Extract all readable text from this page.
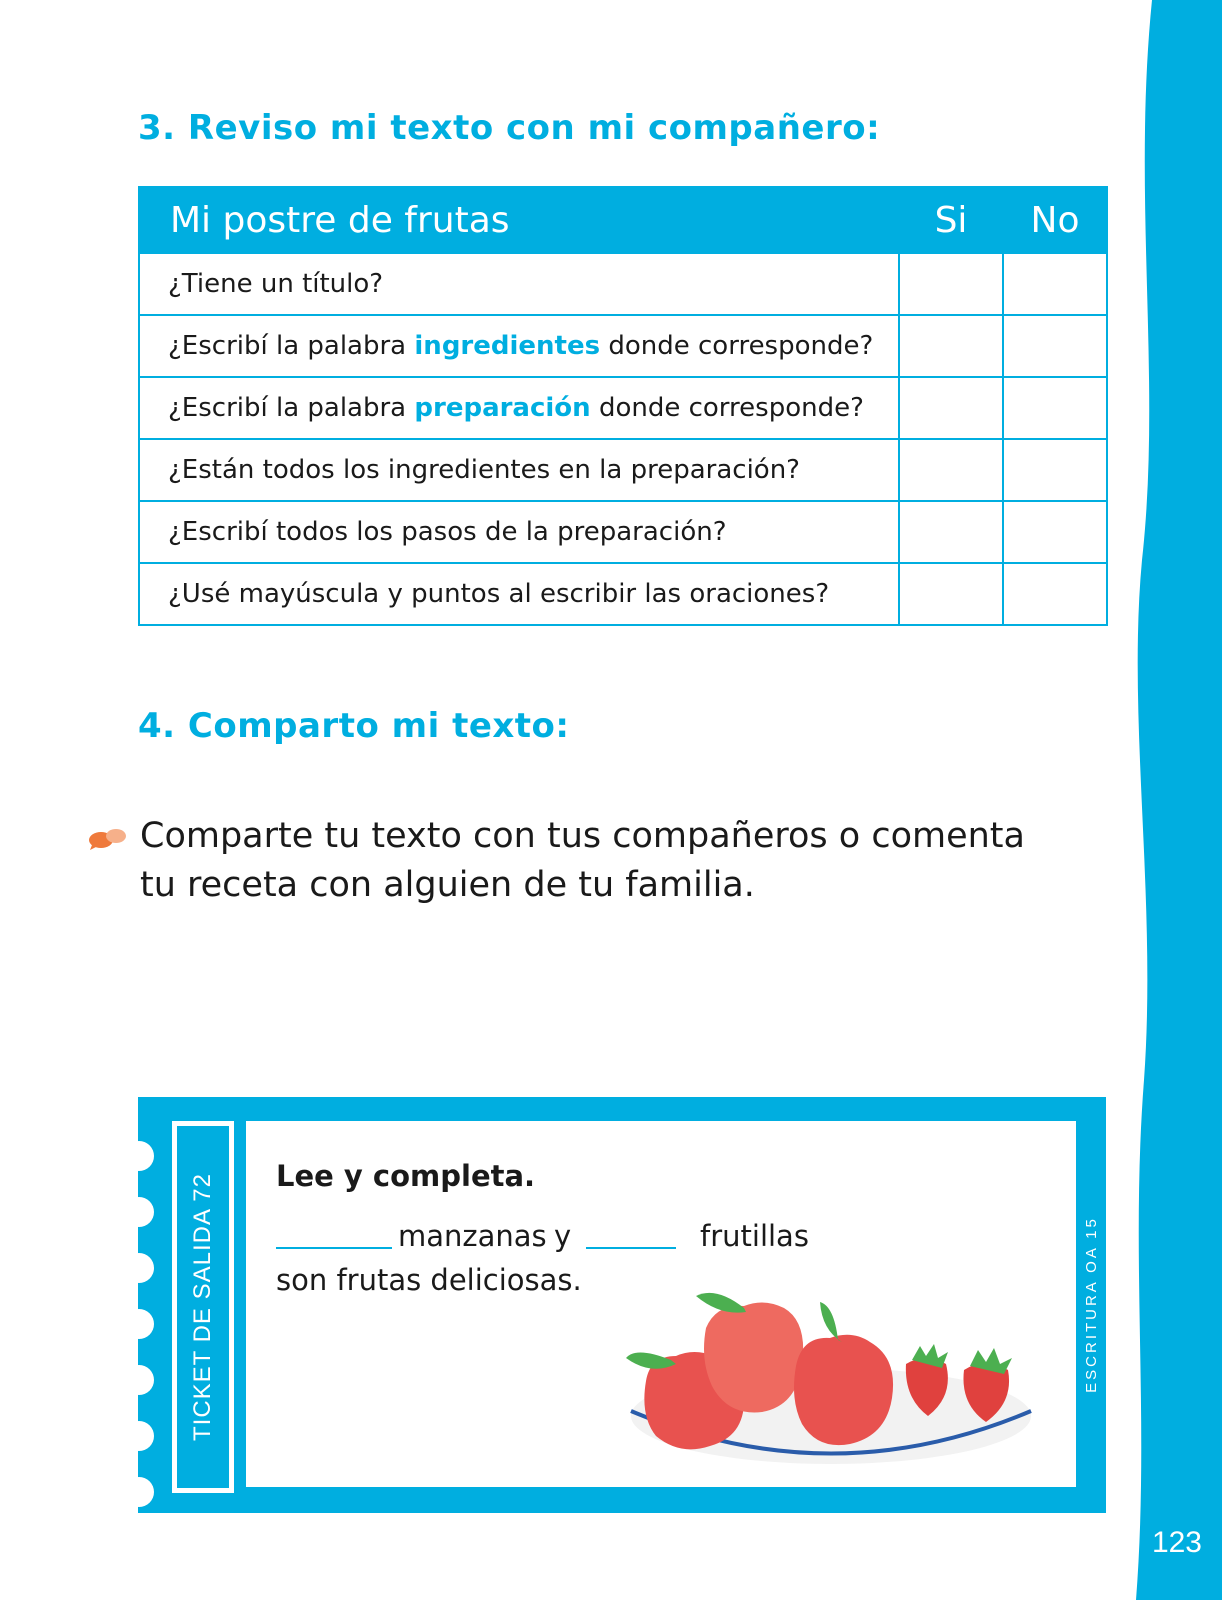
123
3. Reviso mi texto con mi compañero:
Mi postre de frutas	Si	No
¿Tiene un título?		
¿Escribí la palabra ingredientes donde corresponde?		
¿Escribí la palabra preparación donde corresponde?		
¿Están todos los ingredientes en la preparación?		
¿Escribí todos los pasos de la preparación?		
¿Usé mayúscula y puntos al escribir las oraciones?		
4. Comparto mi texto:
Comparte tu texto con tus compañeros o comenta tu receta con alguien de tu familia.
TICKET DE SALIDA 72	ESCRITURA OA 15
Lee y completa.
manzanas y	frutillas
son frutas deliciosas.
